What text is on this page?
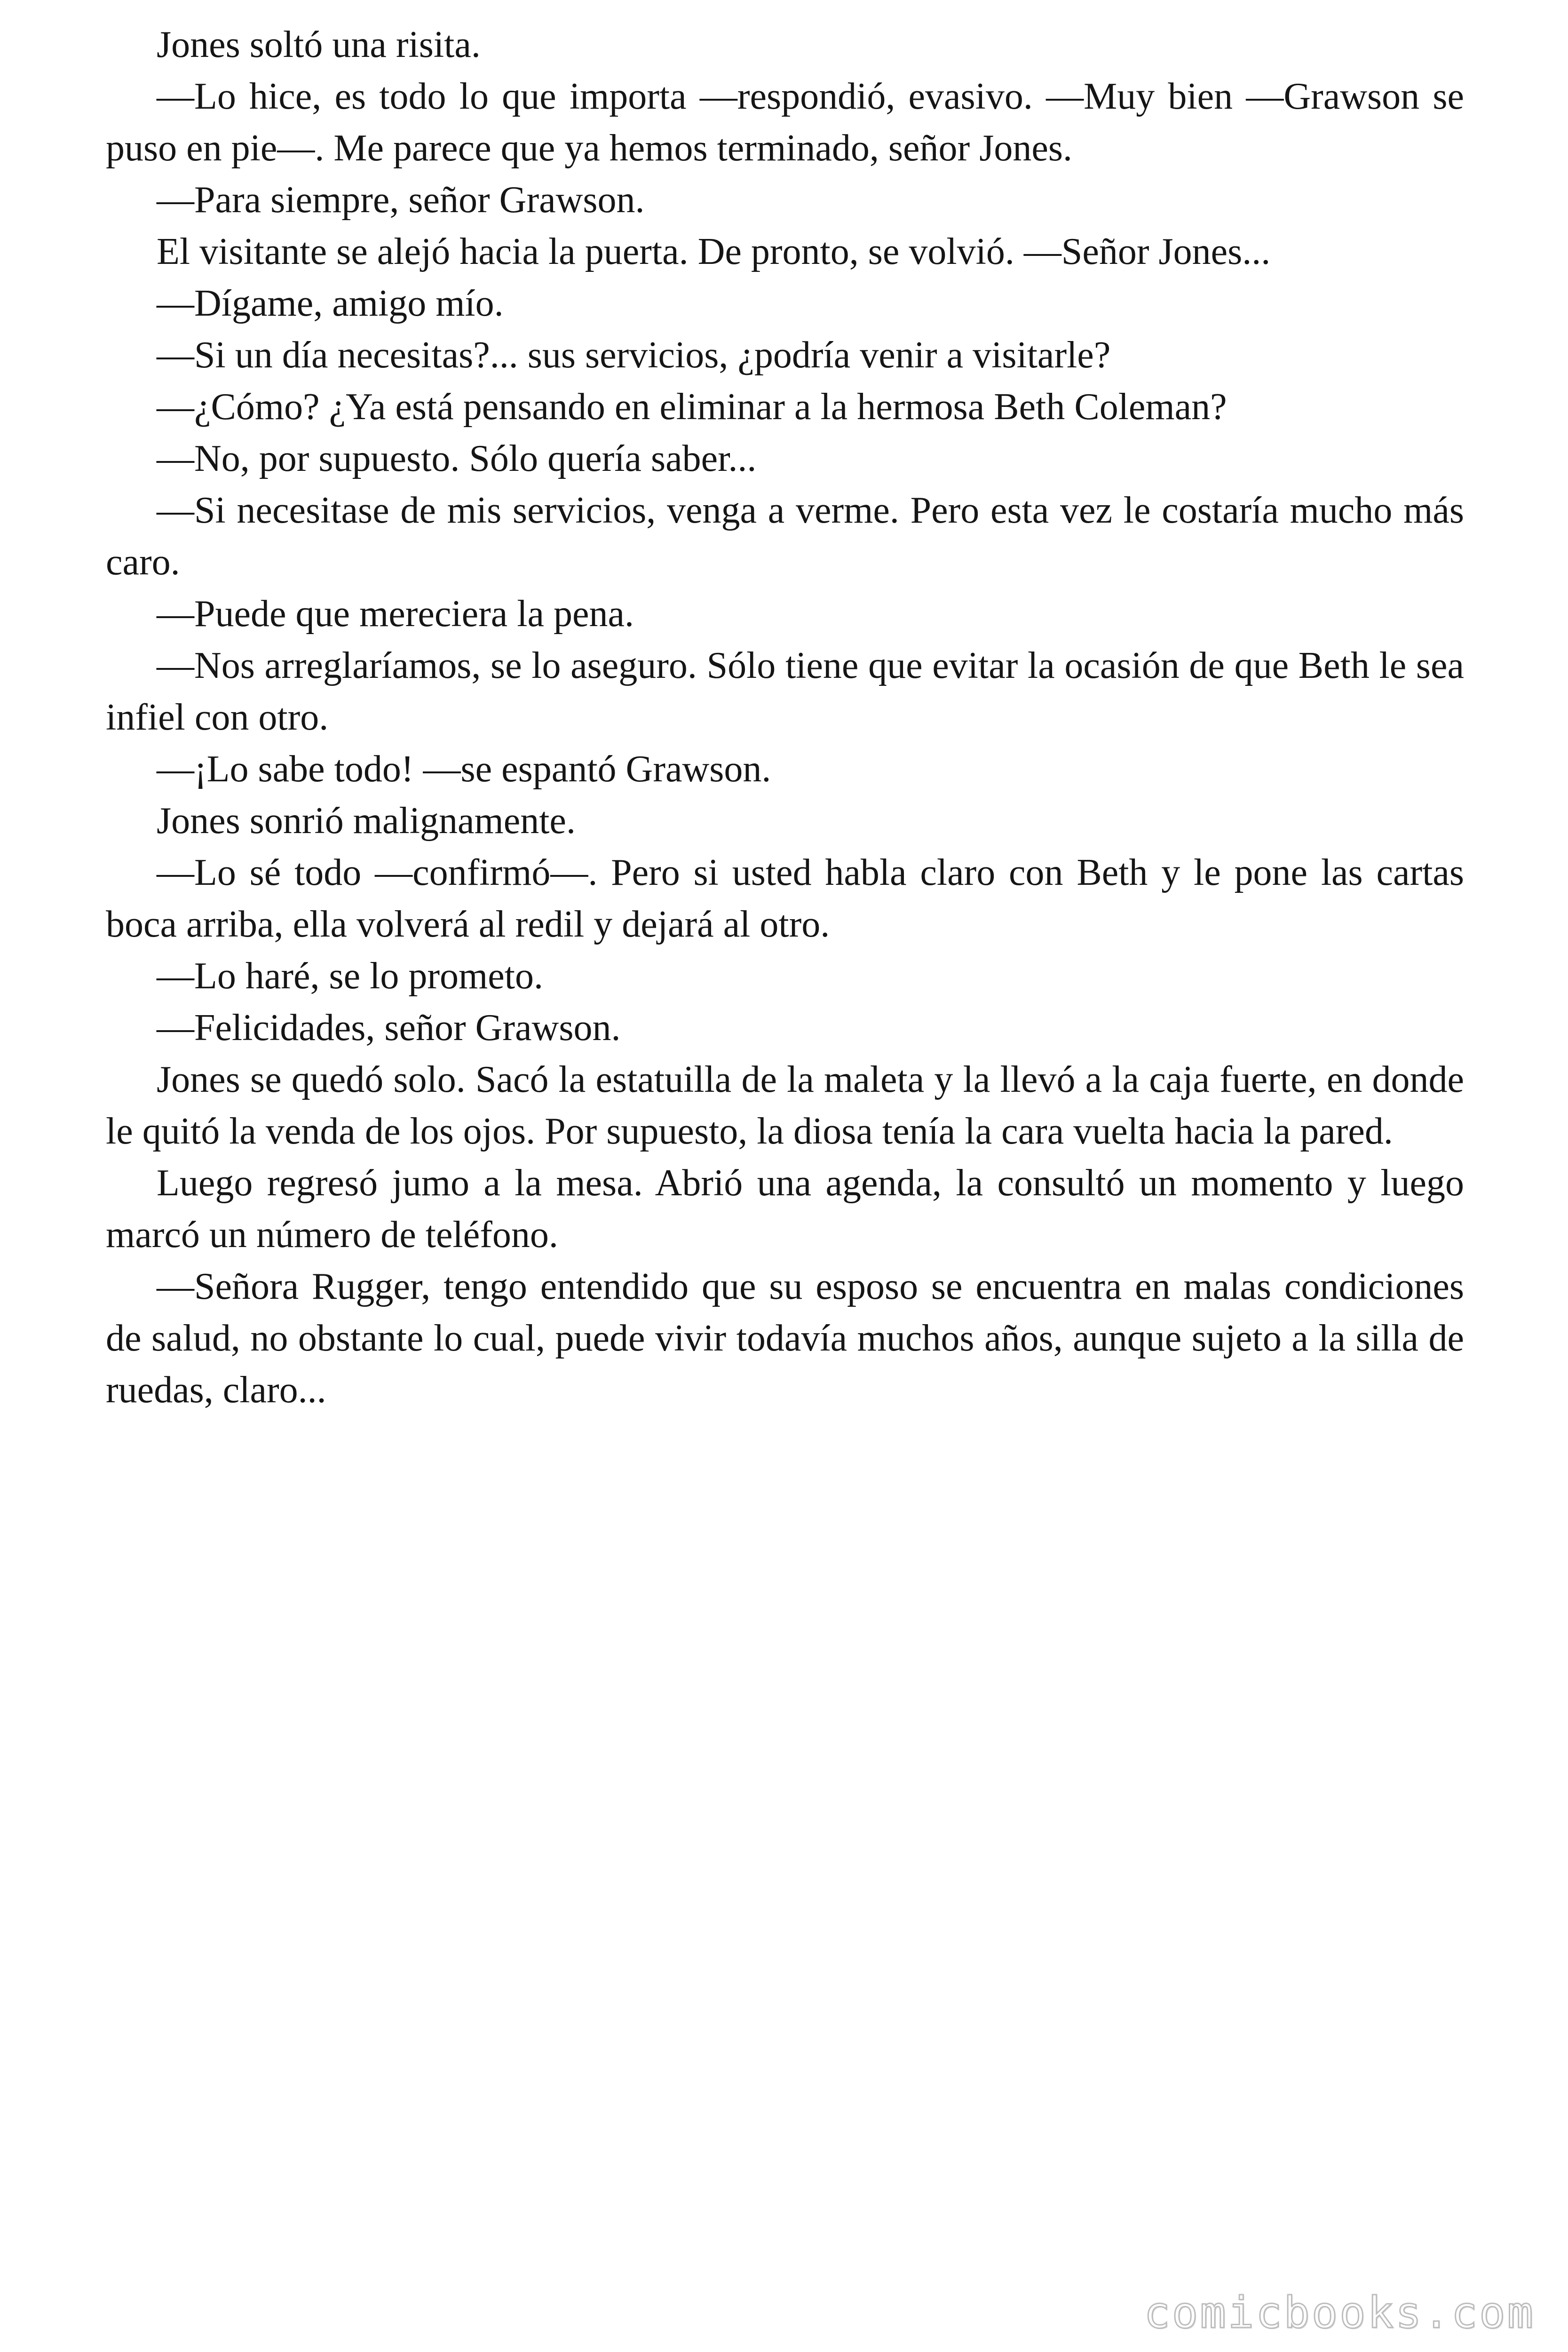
Jones soltó una risita.

—Lo hice, es todo lo que importa —respondió, evasivo. —Muy bien —Grawson se puso en pie—. Me parece que ya hemos terminado, señor Jones.

—Para siempre, señor Grawson.

El visitante se alejó hacia la puerta. De pronto, se volvió. —Señor Jones...

—Dígame, amigo mío.

—Si un día necesitas?... sus servicios, ¿podría venir a visitarle?

—¿Cómo? ¿Ya está pensando en eliminar a la hermosa Beth Coleman?

—No, por supuesto. Sólo quería saber...

—Si necesitase de mis servicios, venga a verme. Pero esta vez le costaría mucho más caro.

—Puede que mereciera la pena.

—Nos arreglaríamos, se lo aseguro. Sólo tiene que evitar la ocasión de que Beth le sea infiel con otro.

—¡Lo sabe todo! —se espantó Grawson.

Jones sonrió malignamente.

—Lo sé todo —confirmó—. Pero si usted habla claro con Beth y le pone las cartas boca arriba, ella volverá al redil y dejará al otro.

—Lo haré, se lo prometo.

—Felicidades, señor Grawson.

Jones se quedó solo. Sacó la estatuilla de la maleta y la llevó a la caja fuerte, en donde le quitó la venda de los ojos. Por supuesto, la diosa tenía la cara vuelta hacia la pared.

Luego regresó jumo a la mesa. Abrió una agenda, la consultó un momento y luego marcó un número de teléfono.

—Señora Rugger, tengo entendido que su esposo se encuentra en malas condiciones de salud, no obstante lo cual, puede vivir todavía muchos años, aunque sujeto a la silla de ruedas, claro...

comicbooks.com
